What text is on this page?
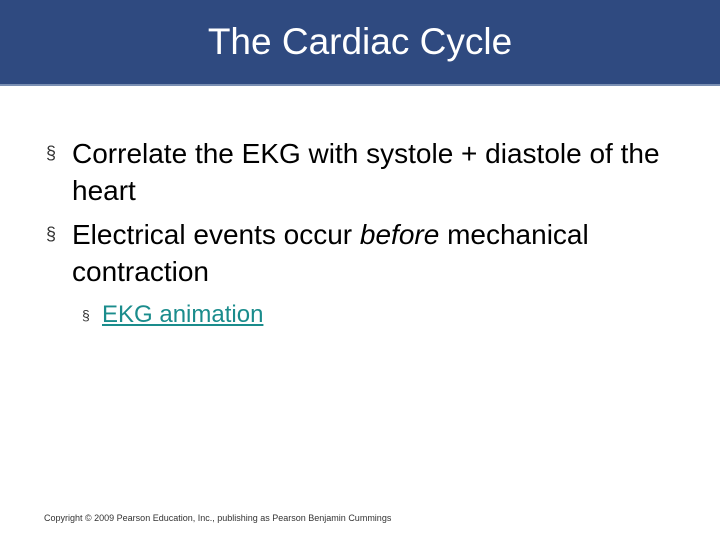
The Cardiac Cycle
§ Correlate the EKG with systole + diastole of the heart
§ Electrical events occur before mechanical contraction
§ EKG animation
Copyright © 2009 Pearson Education, Inc., publishing as Pearson Benjamin Cummings
